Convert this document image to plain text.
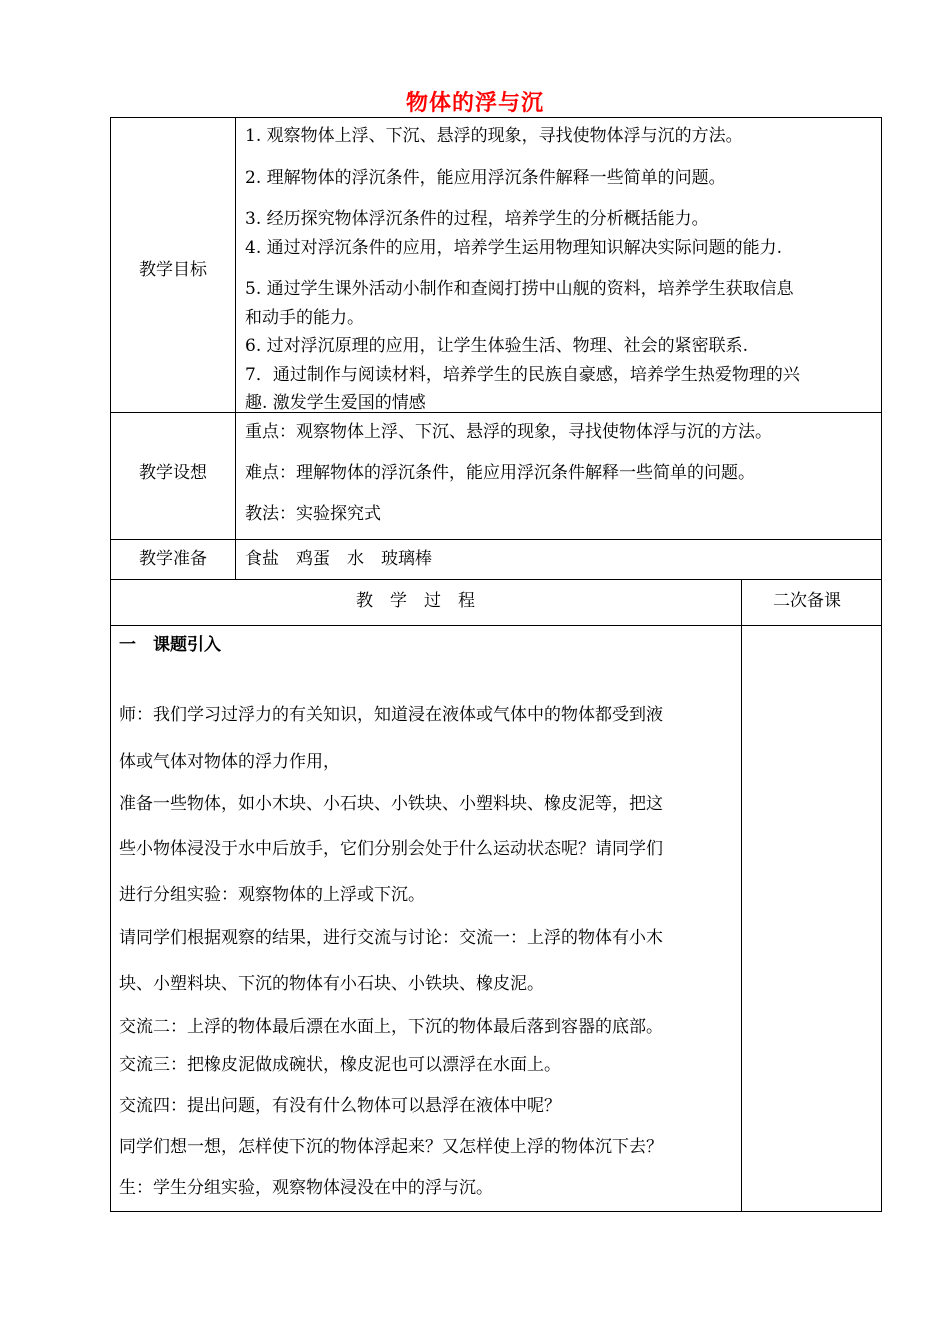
物体的浮与沉
教学目标
1. 观察物体上浮、下沉、悬浮的现象，寻找使物体浮与沉的方法。
2. 理解物体的浮沉条件，能应用浮沉条件解释一些简单的问题。
3. 经历探究物体浮沉条件的过程，培养学生的分析概括能力。
4. 通过对浮沉条件的应用，培养学生运用物理知识解决实际问题的能力.
5. 通过学生课外活动小制作和查阅打捞中山舰的资料，培养学生获取信息
和动手的能力。
6. 过对浮沉原理的应用，让学生体验生活、物理、社会的紧密联系.
7．通过制作与阅读材料，培养学生的民族自豪感，培养学生热爱物理的兴
趣. 激发学生爱国的情感
教学设想
重点：观察物体上浮、下沉、悬浮的现象，寻找使物体浮与沉的方法。
难点：理解物体的浮沉条件，能应用浮沉条件解释一些简单的问题。
教法：实验探究式
教学准备	食盐　鸡蛋　水　玻璃棒
教　学　过　程	二次备课
一　课题引入
师：我们学习过浮力的有关知识，知道浸在液体或气体中的物体都受到液
体或气体对物体的浮力作用，
准备一些物体，如小木块、小石块、小铁块、小塑料块、橡皮泥等，把这
些小物体浸没于水中后放手，它们分别会处于什么运动状态呢？请同学们
进行分组实验：观察物体的上浮或下沉。
请同学们根据观察的结果，进行交流与讨论：交流一：上浮的物体有小木
块、小塑料块、下沉的物体有小石块、小铁块、橡皮泥。
交流二：上浮的物体最后漂在水面上，下沉的物体最后落到容器的底部。
交流三：把橡皮泥做成碗状，橡皮泥也可以漂浮在水面上。
交流四：提出问题，有没有什么物体可以悬浮在液体中呢？
同学们想一想，怎样使下沉的物体浮起来？又怎样使上浮的物体沉下去？
生：学生分组实验，观察物体浸没在中的浮与沉。
